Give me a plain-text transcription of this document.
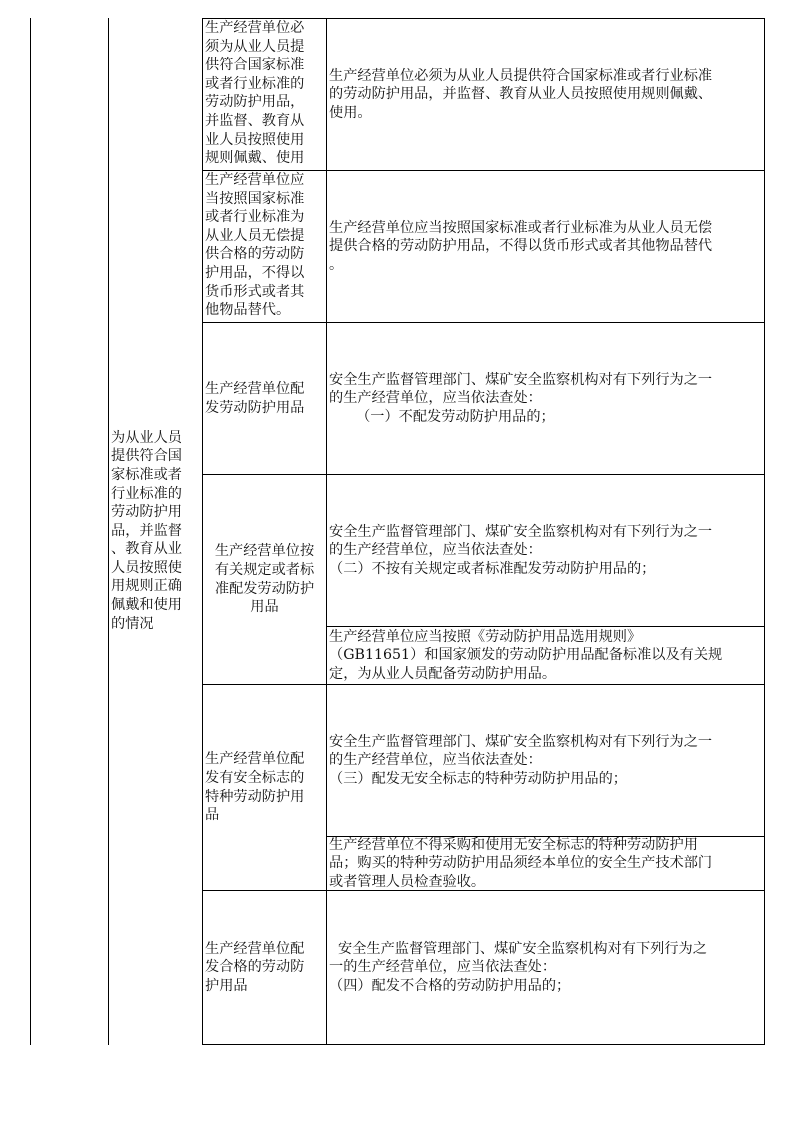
为从业人员
提供符合国
家标准或者
行业标准的
劳动防护用
品，并监督
、教育从业
人员按照使
用规则正确
佩戴和使用
的情况
生产经营单位必
须为从业人员提
供符合国家标准
或者行业标准的
劳动防护用品，
并监督、教育从
业人员按照使用
规则佩戴、使用
生产经营单位必须为从业人员提供符合国家标准或者行业标准
的劳动防护用品，并监督、教育从业人员按照使用规则佩戴、
使用。
生产经营单位应
当按照国家标准
或者行业标准为
从业人员无偿提
供合格的劳动防
护用品，不得以
货币形式或者其
他物品替代。
生产经营单位应当按照国家标准或者行业标准为从业人员无偿
提供合格的劳动防护用品，不得以货币形式或者其他物品替代
。
生产经营单位配
发劳动防护用品
安全生产监督管理部门、煤矿安全监察机构对有下列行为之一
的生产经营单位，应当依法查处：
（一）不配发劳动防护用品的；
生产经营单位按
有关规定或者标
准配发劳动防护
用品
安全生产监督管理部门、煤矿安全监察机构对有下列行为之一
的生产经营单位，应当依法查处：
（二）不按有关规定或者标准配发劳动防护用品的；
生产经营单位应当按照《劳动防护用品选用规则》
（GB11651）和国家颁发的劳动防护用品配备标准以及有关规
定，为从业人员配备劳动防护用品。
生产经营单位配
发有安全标志的
特种劳动防护用
品
安全生产监督管理部门、煤矿安全监察机构对有下列行为之一
的生产经营单位，应当依法查处：
（三）配发无安全标志的特种劳动防护用品的；
生产经营单位不得采购和使用无安全标志的特种劳动防护用
品；购买的特种劳动防护用品须经本单位的安全生产技术部门
或者管理人员检查验收。
生产经营单位配
发合格的劳动防
护用品
安全生产监督管理部门、煤矿安全监察机构对有下列行为之
一的生产经营单位，应当依法查处：
（四）配发不合格的劳动防护用品的；
